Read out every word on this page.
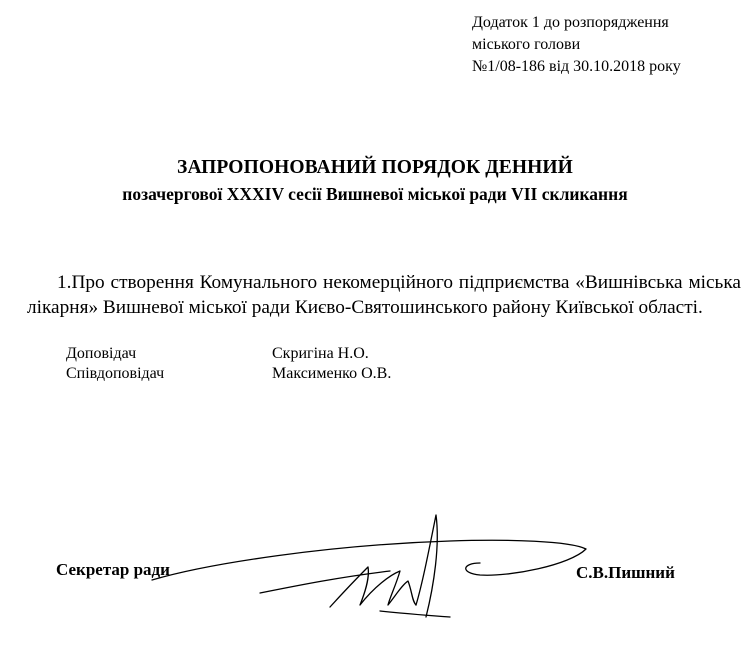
Додаток 1 до розпорядження
міського голови
№1/08-186 від 30.10.2018 року
ЗАПРОПОНОВАНИЙ ПОРЯДОК ДЕННИЙ
позачергової XXXIV сесії Вишневої міської ради VII скликання
1.Про створення Комунального некомерційного підприємства «Вишнівська міська лікарня» Вишневої міської ради Києво-Святошинського району Київської області.
Доповідач	Скригіна Н.О.
Співдоповідач	Максименко О.В.
Секретар ради	С.В.Пишний
